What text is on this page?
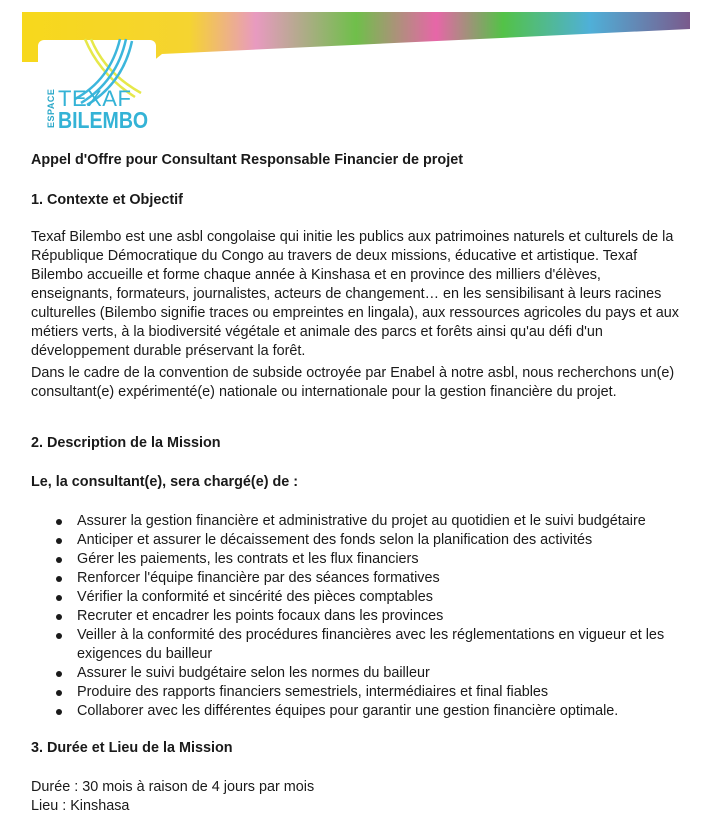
ESPACE TEXAF
BILEMBO
Appel d'Offre pour Consultant Responsable Financier de projet
1. Contexte et Objectif
Texaf Bilembo est une asbl congolaise qui initie les publics aux patrimoines naturels et culturels de la République Démocratique du Congo au travers de deux missions, éducative et artistique. Texaf Bilembo accueille et forme chaque année à Kinshasa et en province des milliers d'élèves, enseignants, formateurs, journalistes, acteurs de changement… en les sensibilisant à leurs racines culturelles (Bilembo signifie traces ou empreintes en lingala), aux ressources agricoles du pays et aux métiers verts, à la biodiversité végétale et animale des parcs et forêts ainsi qu'au défi d'un développement durable préservant la forêt.
Dans le cadre de la convention de subside octroyée par Enabel à notre asbl, nous recherchons un(e) consultant(e) expérimenté(e) nationale ou internationale pour la gestion financière du projet.
2. Description de la Mission
Le, la consultant(e), sera chargé(e) de :
Assurer la gestion financière et administrative du projet au quotidien et le suivi budgétaire
Anticiper et assurer le décaissement des fonds selon la planification des activités
Gérer les paiements, les contrats et les flux financiers
Renforcer l'équipe financière par des séances formatives
Vérifier la conformité et sincérité des pièces comptables
Recruter et encadrer les points focaux dans les provinces
Veiller à la conformité des procédures financières avec les réglementations en vigueur et les exigences du bailleur
Assurer le suivi budgétaire selon les normes du bailleur
Produire des rapports financiers semestriels, intermédiaires et final fiables
Collaborer avec les différentes équipes pour garantir une gestion financière optimale.
3. Durée et Lieu de la Mission
Durée : 30 mois à raison de 4 jours par mois
Lieu : Kinshasa
